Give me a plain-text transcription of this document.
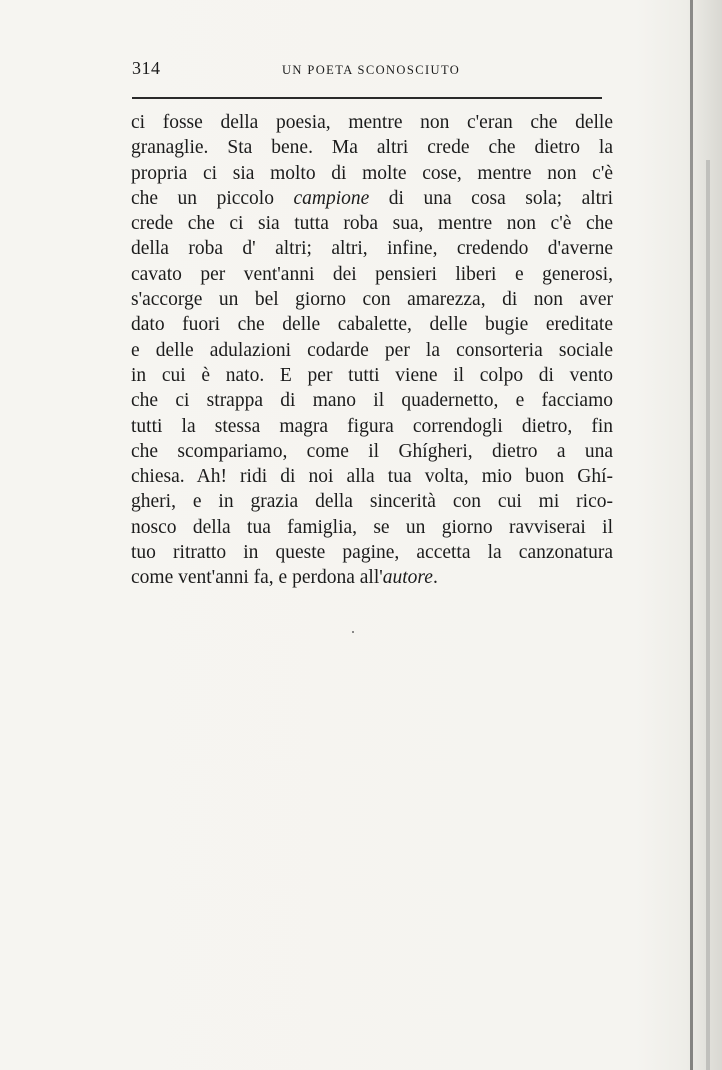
314	UN POETA SCONOSCIUTO
ci fosse della poesia, mentre non c'eran che delle
granaglie. Sta bene. Ma altri crede che dietro la
propria ci sia molto di molte cose, mentre non c'è
che un piccolo campione di una cosa sola; altri
crede che ci sia tutta roba sua, mentre non c'è che
della roba d' altri; altri, infine, credendo d'averne
cavato per vent'anni dei pensieri liberi e generosi,
s'accorge un bel giorno con amarezza, di non aver
dato fuori che delle cabalette, delle bugie ereditate
e delle adulazioni codarde per la consorteria sociale
in cui è nato. E per tutti viene il colpo di vento
che ci strappa di mano il quadernetto, e facciamo
tutti la stessa magra figura correndogli dietro, fin
che scompariamo, come il Ghígheri, dietro a una
chiesa. Ah! ridi di noi alla tua volta, mio buon Ghí-
gheri, e in grazia della sincerità con cui mi rico-
nosco della tua famiglia, se un giorno ravviserai il
tuo ritratto in queste pagine, accetta la canzonatura
come vent'anni fa, e perdona all'autore.
